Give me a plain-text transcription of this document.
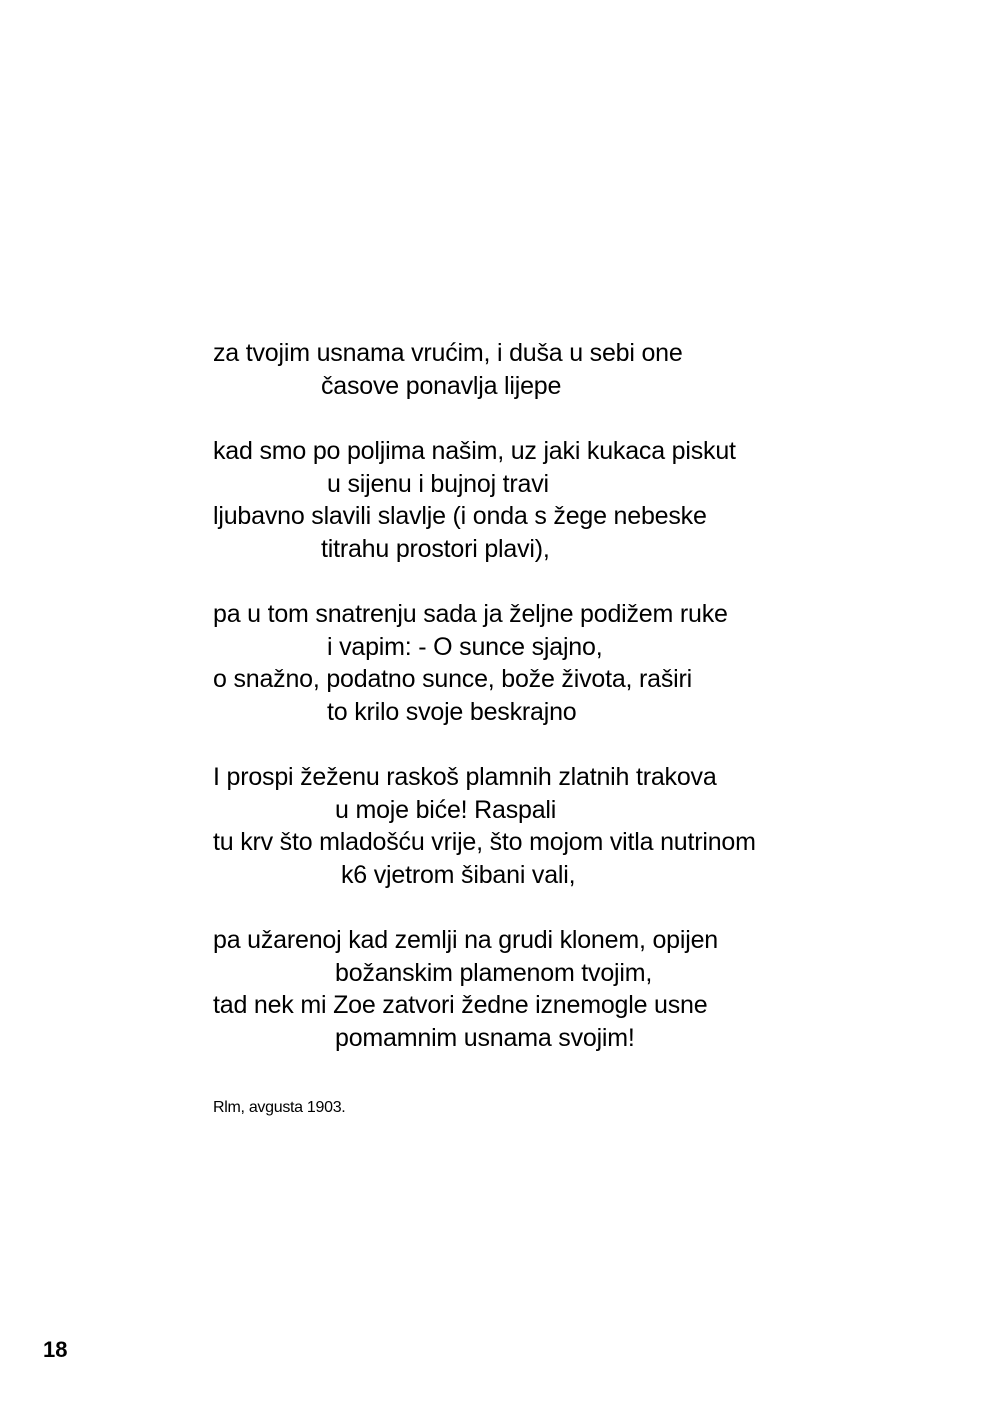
za tvojim usnama vrućim, i duša u sebi one
časove ponavlja lijepe
kad smo po poljima našim, uz jaki kukaca piskut
u sijenu i bujnoj travi
ljubavno slavili slavlje (i onda s žege nebeske
titrahu prostori plavi),
pa u tom snatrenju sada ja željne podižem ruke
i vapim: - O sunce sjajno,
o snažno, podatno sunce, bože života, raširi
to krilo svoje beskrajno
I prospi žeženu raskoš plamnih zlatnih trakova
u moje biće! Raspali
tu krv što mladošću vrije, što mojom vitla nutrinom
k6 vjetrom šibani vali,
pa užarenoj kad zemlji na grudi klonem, opijen
božanskim plamenom tvojim,
tad nek mi Zoe zatvori žedne iznemogle usne
pomamnim usnama svojim!
Rlm, avgusta 1903.
18
